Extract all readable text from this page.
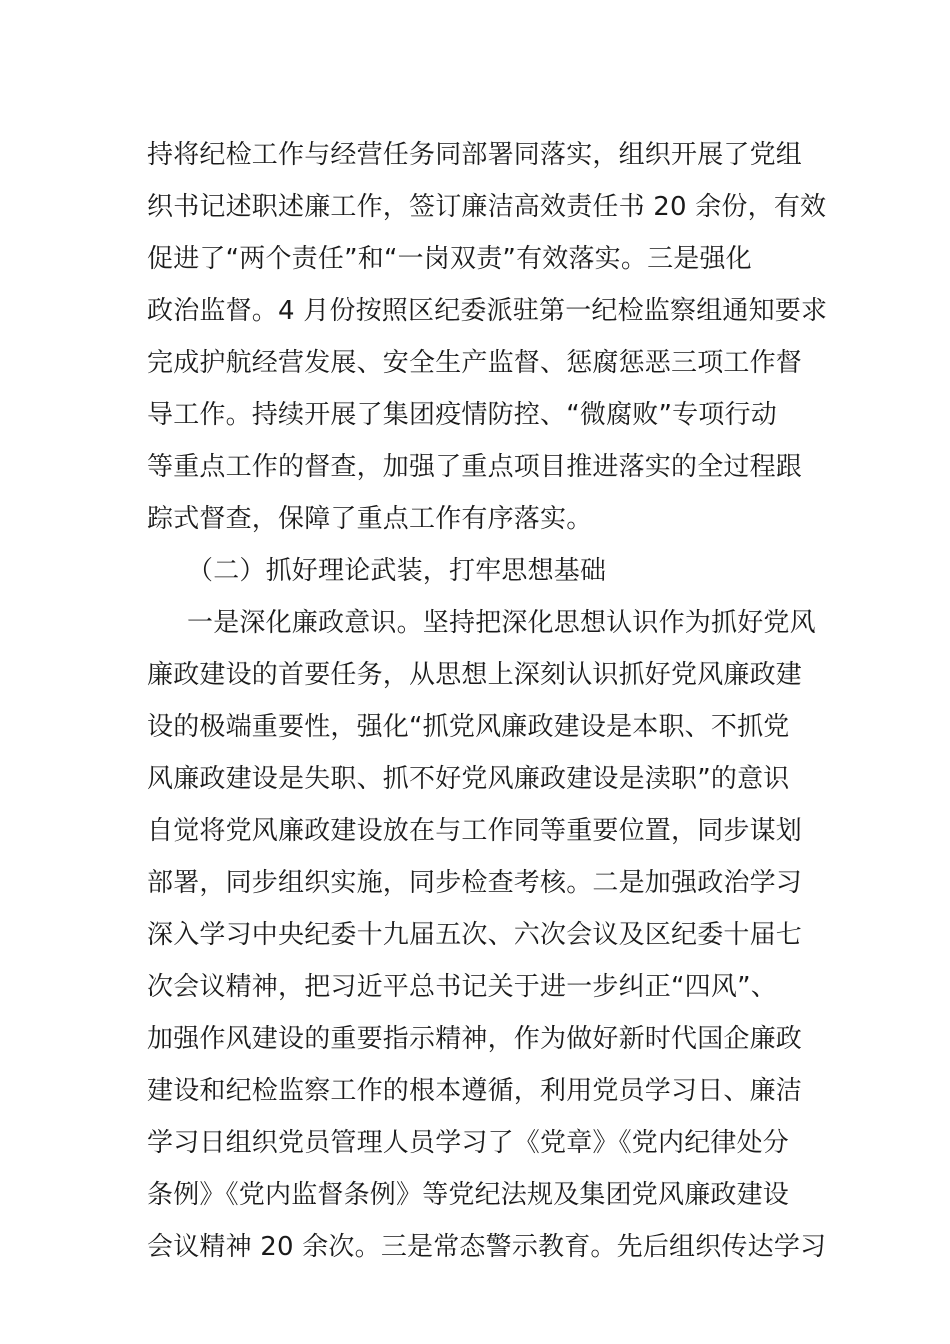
持将纪检工作与经营任务同部署同落实，组织开展了党组
织书记述职述廉工作，签订廉洁高效责任书 20 余份，有效
促进了“两个责任”和“一岗双责”有效落实。三是强化
政治监督。4 月份按照区纪委派驻第一纪检监察组通知要求
完成护航经营发展、安全生产监督、惩腐惩恶三项工作督
导工作。持续开展了集团疫情防控、“微腐败”专项行动
等重点工作的督查，加强了重点项目推进落实的全过程跟
踪式督查，保障了重点工作有序落实。
（二）抓好理论武装，打牢思想基础
一是深化廉政意识。坚持把深化思想认识作为抓好党风
廉政建设的首要任务，从思想上深刻认识抓好党风廉政建
设的极端重要性，强化“抓党风廉政建设是本职、不抓党
风廉政建设是失职、抓不好党风廉政建设是渎职”的意识
自觉将党风廉政建设放在与工作同等重要位置，同步谋划
部署，同步组织实施，同步检查考核。二是加强政治学习
深入学习中央纪委十九届五次、六次会议及区纪委十届七
次会议精神，把习近平总书记关于进一步纠正“四风”、
加强作风建设的重要指示精神，作为做好新时代国企廉政
建设和纪检监察工作的根本遵循，利用党员学习日、廉洁
学习日组织党员管理人员学习了《党章》《党内纪律处分
条例》《党内监督条例》等党纪法规及集团党风廉政建设
会议精神 20 余次。三是常态警示教育。先后组织传达学习
